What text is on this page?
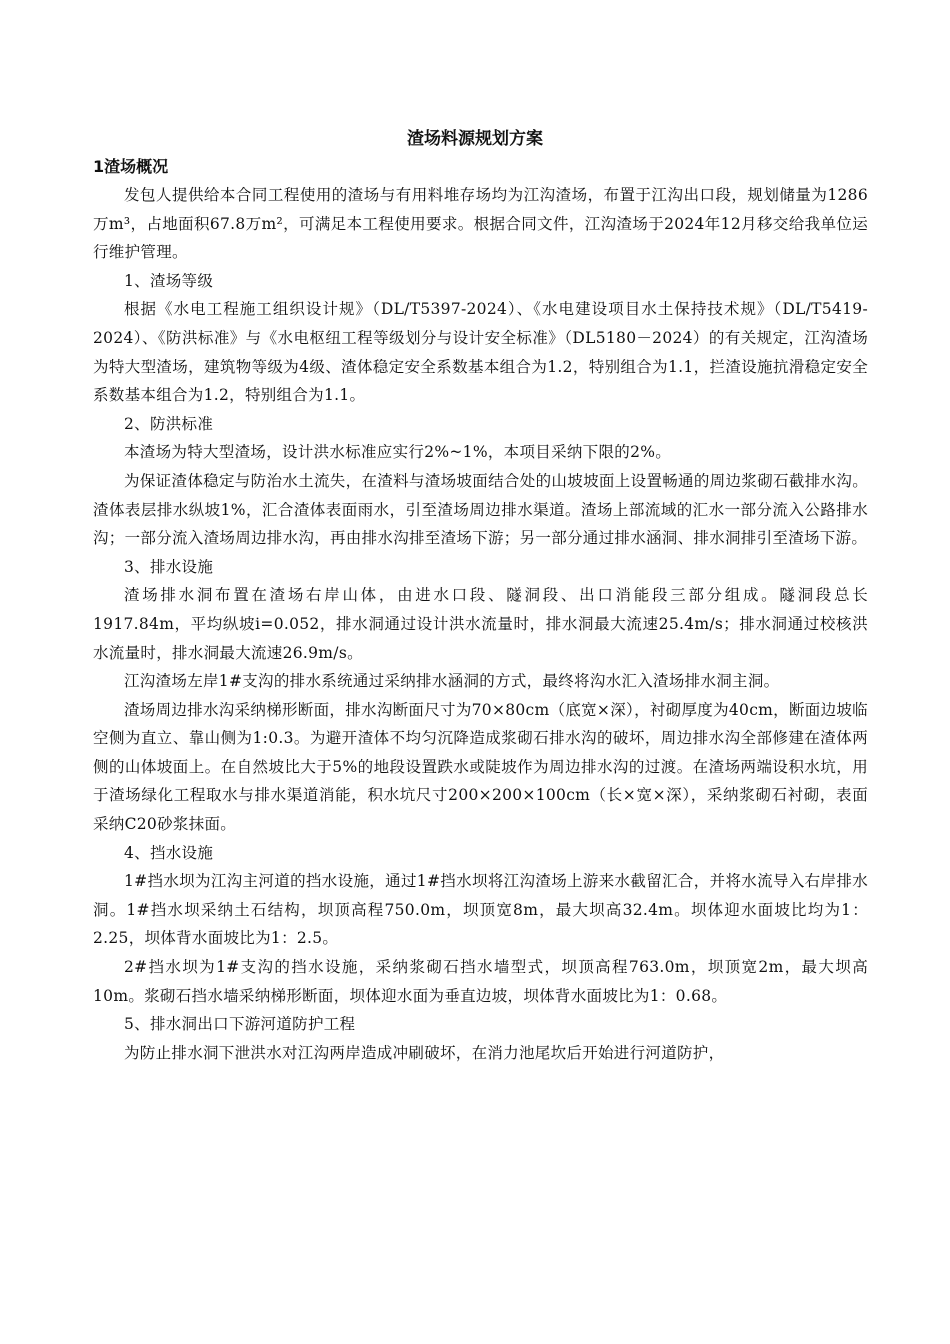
渣场料源规划方案

1渣场概况

发包人提供给本合同工程使用的渣场与有用料堆存场均为江沟渣场，布置于江沟出口段，规划储量为1286万m³，占地面积67.8万m²，可满足本工程使用要求。根据合同文件，江沟渣场于2024年12月移交给我单位运行维护管理。

1、渣场等级

根据《水电工程施工组织设计规》（DL/T5397-2024）、《水电建设项目水土保持技术规》（DL/T5419-2024）、《防洪标准》与《水电枢纽工程等级划分与设计安全标准》（DL5180－2024）的有关规定，江沟渣场为特大型渣场，建筑物等级为4级、渣体稳定安全系数基本组合为1.2，特别组合为1.1，拦渣设施抗滑稳定安全系数基本组合为1.2，特别组合为1.1。

2、防洪标准

本渣场为特大型渣场，设计洪水标准应实行2%~1%，本项目采纳下限的2%。

为保证渣体稳定与防治水土流失，在渣料与渣场坡面结合处的山坡坡面上设置畅通的周边浆砌石截排水沟。渣体表层排水纵坡1%，汇合渣体表面雨水，引至渣场周边排水渠道。渣场上部流域的汇水一部分流入公路排水沟；一部分流入渣场周边排水沟，再由排水沟排至渣场下游；另一部分通过排水涵洞、排水洞排引至渣场下游。

3、排水设施

渣场排水洞布置在渣场右岸山体，由进水口段、隧洞段、出口消能段三部分组成。隧洞段总长1917.84m，平均纵坡i=0.052，排水洞通过设计洪水流量时，排水洞最大流速25.4m/s；排水洞通过校核洪水流量时，排水洞最大流速26.9m/s。

江沟渣场左岸1#支沟的排水系统通过采纳排水涵洞的方式，最终将沟水汇入渣场排水洞主洞。

渣场周边排水沟采纳梯形断面，排水沟断面尺寸为70×80cm（底宽×深），衬砌厚度为40cm，断面边坡临空侧为直立、靠山侧为1:0.3。为避开渣体不均匀沉降造成浆砌石排水沟的破坏，周边排水沟全部修建在渣体两侧的山体坡面上。在自然坡比大于5%的地段设置跌水或陡坡作为周边排水沟的过渡。在渣场两端设积水坑，用于渣场绿化工程取水与排水渠道消能，积水坑尺寸200×200×100cm（长×宽×深），采纳浆砌石衬砌，表面采纳C20砂浆抹面。

4、挡水设施

1#挡水坝为江沟主河道的挡水设施，通过1#挡水坝将江沟渣场上游来水截留汇合，并将水流导入右岸排水洞。1#挡水坝采纳土石结构，坝顶高程750.0m，坝顶宽8m，最大坝高32.4m。坝体迎水面坡比均为1：2.25，坝体背水面坡比为1：2.5。

2#挡水坝为1#支沟的挡水设施，采纳浆砌石挡水墙型式，坝顶高程763.0m，坝顶宽2m，最大坝高10m。浆砌石挡水墙采纳梯形断面，坝体迎水面为垂直边坡，坝体背水面坡比为1：0.68。

5、排水洞出口下游河道防护工程

为防止排水洞下泄洪水对江沟两岸造成冲刷破坏，在消力池尾坎后开始进行河道防护，
